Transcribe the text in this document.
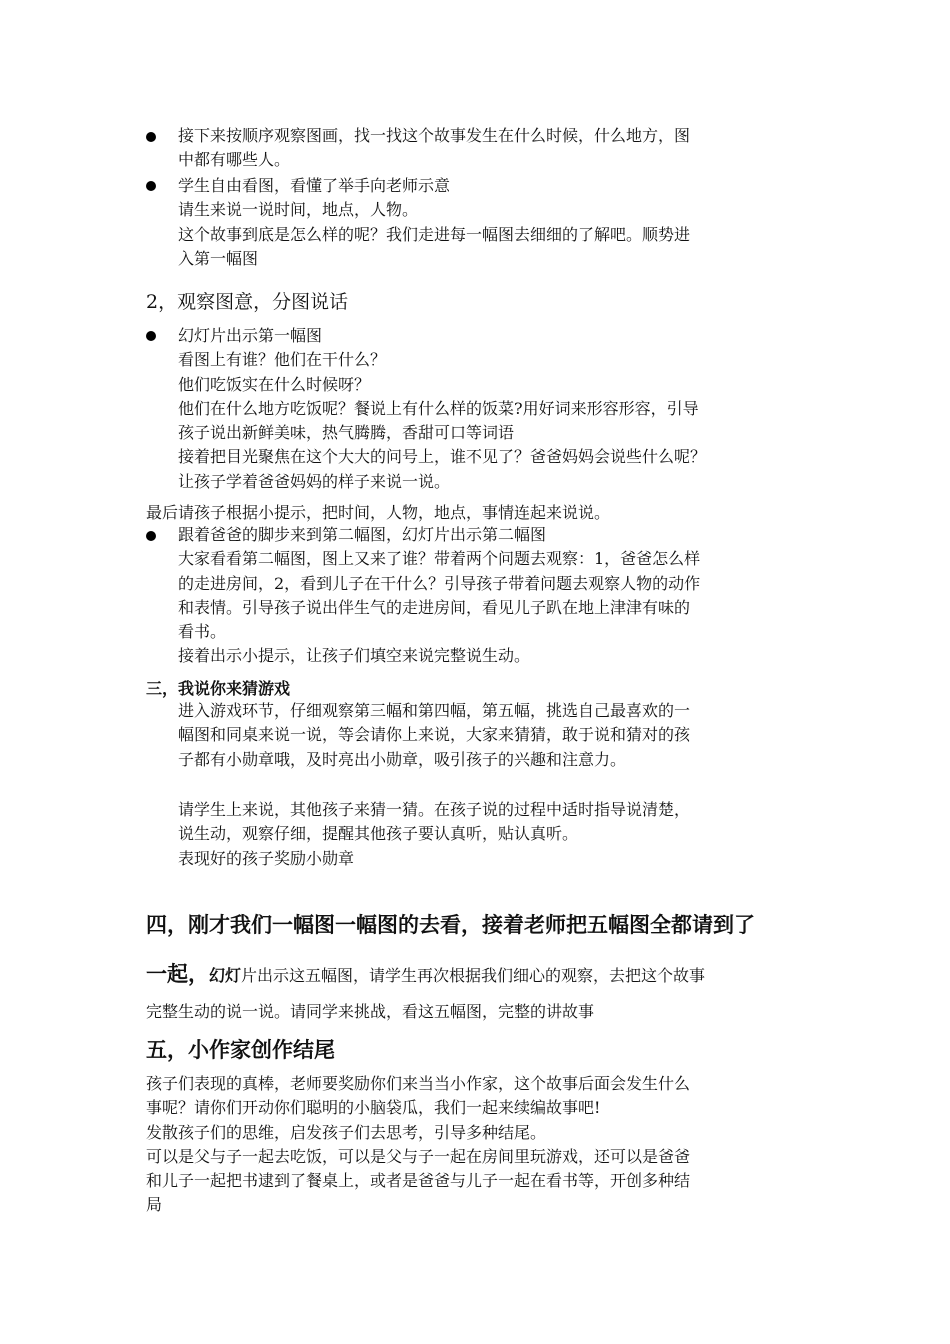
接下来按顺序观察图画，找一找这个故事发生在什么时候，什么地方，图
中都有哪些人。
学生自由看图，看懂了举手向老师示意
请生来说一说时间，地点，人物。
这个故事到底是怎么样的呢？我们走进每一幅图去细细的了解吧。顺势进
入第一幅图
2，观察图意，分图说话
幻灯片出示第一幅图
看图上有谁？他们在干什么？
他们吃饭实在什么时候呀？
他们在什么地方吃饭呢？餐说上有什么样的饭菜?用好词来形容形容，引导
孩子说出新鲜美味，热气腾腾，香甜可口等词语
接着把目光聚焦在这个大大的问号上，谁不见了？爸爸妈妈会说些什么呢？
让孩子学着爸爸妈妈的样子来说一说。
最后请孩子根据小提示，把时间，人物，地点，事情连起来说说。
跟着爸爸的脚步来到第二幅图，幻灯片出示第二幅图
大家看看第二幅图，图上又来了谁？带着两个问题去观察：1，爸爸怎么样
的走进房间，2，看到儿子在干什么？引导孩子带着问题去观察人物的动作
和表情。引导孩子说出伴生气的走进房间，看见儿子趴在地上津津有味的
看书。
接着出示小提示，让孩子们填空来说完整说生动。
三，我说你来猜游戏
进入游戏环节，仔细观察第三幅和第四幅，第五幅，挑选自己最喜欢的一
幅图和同桌来说一说，等会请你上来说，大家来猜猜，敢于说和猜对的孩
子都有小勋章哦，及时亮出小勋章，吸引孩子的兴趣和注意力。
请学生上来说，其他孩子来猜一猜。在孩子说的过程中适时指导说清楚，
说生动，观察仔细，提醒其他孩子要认真听，贴认真听。
表现好的孩子奖励小勋章
四，刚才我们一幅图一幅图的去看，接着老师把五幅图全都请到了
一起，幻灯片出示这五幅图，请学生再次根据我们细心的观察，去把这个故事
完整生动的说一说。请同学来挑战，看这五幅图，完整的讲故事
五，小作家创作结尾
孩子们表现的真棒，老师要奖励你们来当当小作家，这个故事后面会发生什么
事呢？请你们开动你们聪明的小脑袋瓜，我们一起来续编故事吧!
发散孩子们的思维，启发孩子们去思考，引导多种结尾。
可以是父与子一起去吃饭，可以是父与子一起在房间里玩游戏，还可以是爸爸
和儿子一起把书逮到了餐桌上，或者是爸爸与儿子一起在看书等，开创多种结
局
